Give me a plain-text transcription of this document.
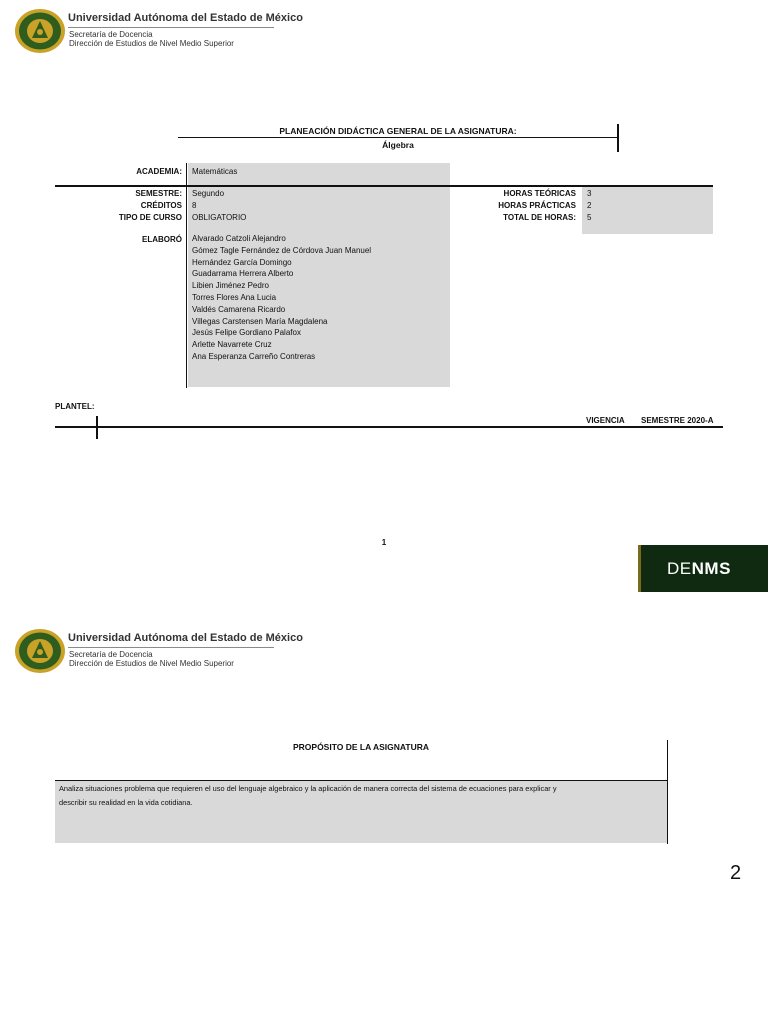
Universidad Autónoma del Estado de México
Secretaría de Docencia
Dirección de Estudios de Nivel Medio Superior
PLANEACIÓN DIDÁCTICA GENERAL DE LA ASIGNATURA:
Álgebra
ACADEMIA: Matemáticas
SEMESTRE: Segundo
CRÉDITOS 8
TIPO DE CURSO OBLIGATORIO
HORAS TEÓRICAS 3
HORAS PRÁCTICAS 2
TOTAL DE HORAS: 5
ELABORÓ Alvarado Catzoli Alejandro
Gómez Tagle Fernández de Córdova Juan Manuel
Hernández García Domingo
Guadarrama Herrera Alberto
Libien Jiménez Pedro
Torres Flores Ana Lucia
Valdés Camarena Ricardo
Villegas Carstensen María Magdalena
Jesús Felipe Gordiano Palafox
Arlette Navarrete Cruz
Ana Esperanza Carreño Contreras
PLANTEL:
VIGENCIA SEMESTRE 2020-A
1
DE NMS
Universidad Autónoma del Estado de México
Secretaría de Docencia
Dirección de Estudios de Nivel Medio Superior
PROPÓSITO DE LA ASIGNATURA
Analiza situaciones problema que requieren el uso del lenguaje algebraico y la aplicación de manera correcta del sistema de ecuaciones para explicar y
describir su realidad en la vida cotidiana.
2
